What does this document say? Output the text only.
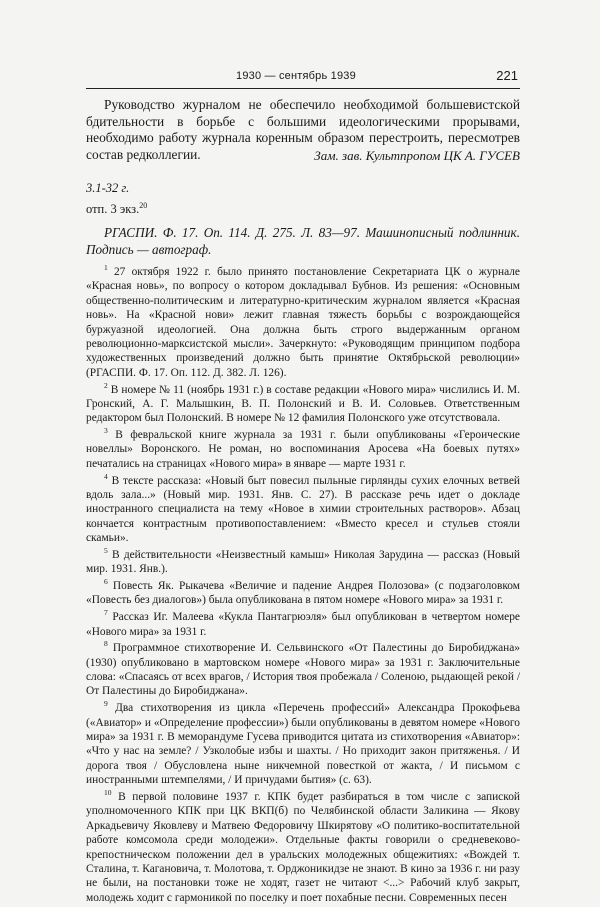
1930 — сентябрь 1939	221
Руководство журналом не обеспечило необходимой большевистской бдительности в борьбе с большими идеологическими прорывами, необходимо работу журнала коренным образом перестроить, пересмотрев состав редколлегии.	Зам. зав. Культпропом ЦК А. ГУСЕВ
3.1-32 г.
отп. 3 экз.$^{20}$
РГАСПИ. Ф. 17. Оп. 114. Д. 275. Л. 83—97. Машинописный подлинник. Подпись — автограф.

$^1$ 27 октября 1922 г. было принято постановление Секретариата ЦК о журнале «Красная новь», по вопросу о котором докладывал Бубнов. Из решения: «Основным общественно-политическим и литературно-критическим журналом является «Красная новь». На «Красной нови» лежит главная тяжесть борьбы с возрождающейся буржуазной идеологией. Она должна быть строго выдержанным органом революционно-марксистской мысли». Зачеркнуто: «Руководящим принципом подбора художественных произведений должно быть принятие Октябрьской революции» (РГАСПИ. Ф. 17. Оп. 112. Д. 382. Л. 126).

$^2$ В номере № 11 (ноябрь 1931 г.) в составе редакции «Нового мира» числились И. М. Гронский, А. Г. Малышкин, В. П. Полонский и В. И. Соловьев. Ответственным редактором был Полонский. В номере № 12 фамилия Полонского уже отсутствовала.

$^3$ В февральской книге журнала за 1931 г. были опубликованы «Героические новеллы» Воронского. Не роман, но воспоминания Аросева «На боевых путях» печатались на страницах «Нового мира» в январе — марте 1931 г.

$^4$ В тексте рассказа: «Новый быт повесил пыльные гирлянды сухих елочных ветвей вдоль зала...» (Новый мир. 1931. Янв. С. 27). В рассказе речь идет о докладе иностранного специалиста на тему «Новое в химии строительных растворов». Абзац кончается контрастным противопоставлением: «Вместо кресел и стульев стояли скамьи».

$^5$ В действительности «Неизвестный камыш» Николая Зарудина — рассказ (Новый мир. 1931. Янв.).

$^6$ Повесть Як. Рыкачева «Величие и падение Андрея Полозова» (с подзаголовком «Повесть без диалогов») была опубликована в пятом номере «Нового мира» за 1931 г.

$^7$ Рассказ Иг. Малеева «Кукла Пантагрюэля» был опубликован в четвертом номере «Нового мира» за 1931 г.

$^8$ Программное стихотворение И. Сельвинского «От Палестины до Биробиджана» (1930) опубликовано в мартовском номере «Нового мира» за 1931 г. Заключительные слова: «Спасаясь от всех врагов, / История твоя пробежала / Соленою, рыдающей рекой / От Палестины до Биробиджана».

$^9$ Два стихотворения из цикла «Перечень профессий» Александра Прокофьева («Авиатор» и «Определение профессии») были опубликованы в девятом номере «Нового мира» за 1931 г. В меморандуме Гусева приводится цитата из стихотворения «Авиатор»: «Что у нас на земле? / Узколобые избы и шахты. / Но приходит закон притяженья. / И дорога твоя / Обусловлена ныне никчемной повесткой от жакта, / И письмом с иностранными штемпелями, / И причудами бытия» (с. 63).

$^{10}$ В первой половине 1937 г. КПК будет разбираться в том числе с запиской уполномоченного КПК при ЦК ВКП(б) по Челябинской области Заликина — Якову Аркадьевичу Яковлеву и Матвею Федоровичу Шкирятову «О политико-воспитательной работе комсомола среди молодежи». Отдельные факты говорили о средневеково-крепостническом положении дел в уральских молодежных общежитиях: «Вождей т. Сталина, т. Кагановича, т. Молотова, т. Орджоникидзе не знают. В кино за 1936 г. ни разу не были, на постановки тоже не ходят, газет не читают <...> Рабочий клуб закрыт, молодежь ходит с гармоникой по поселку и поет похабные песни. Современных песен
